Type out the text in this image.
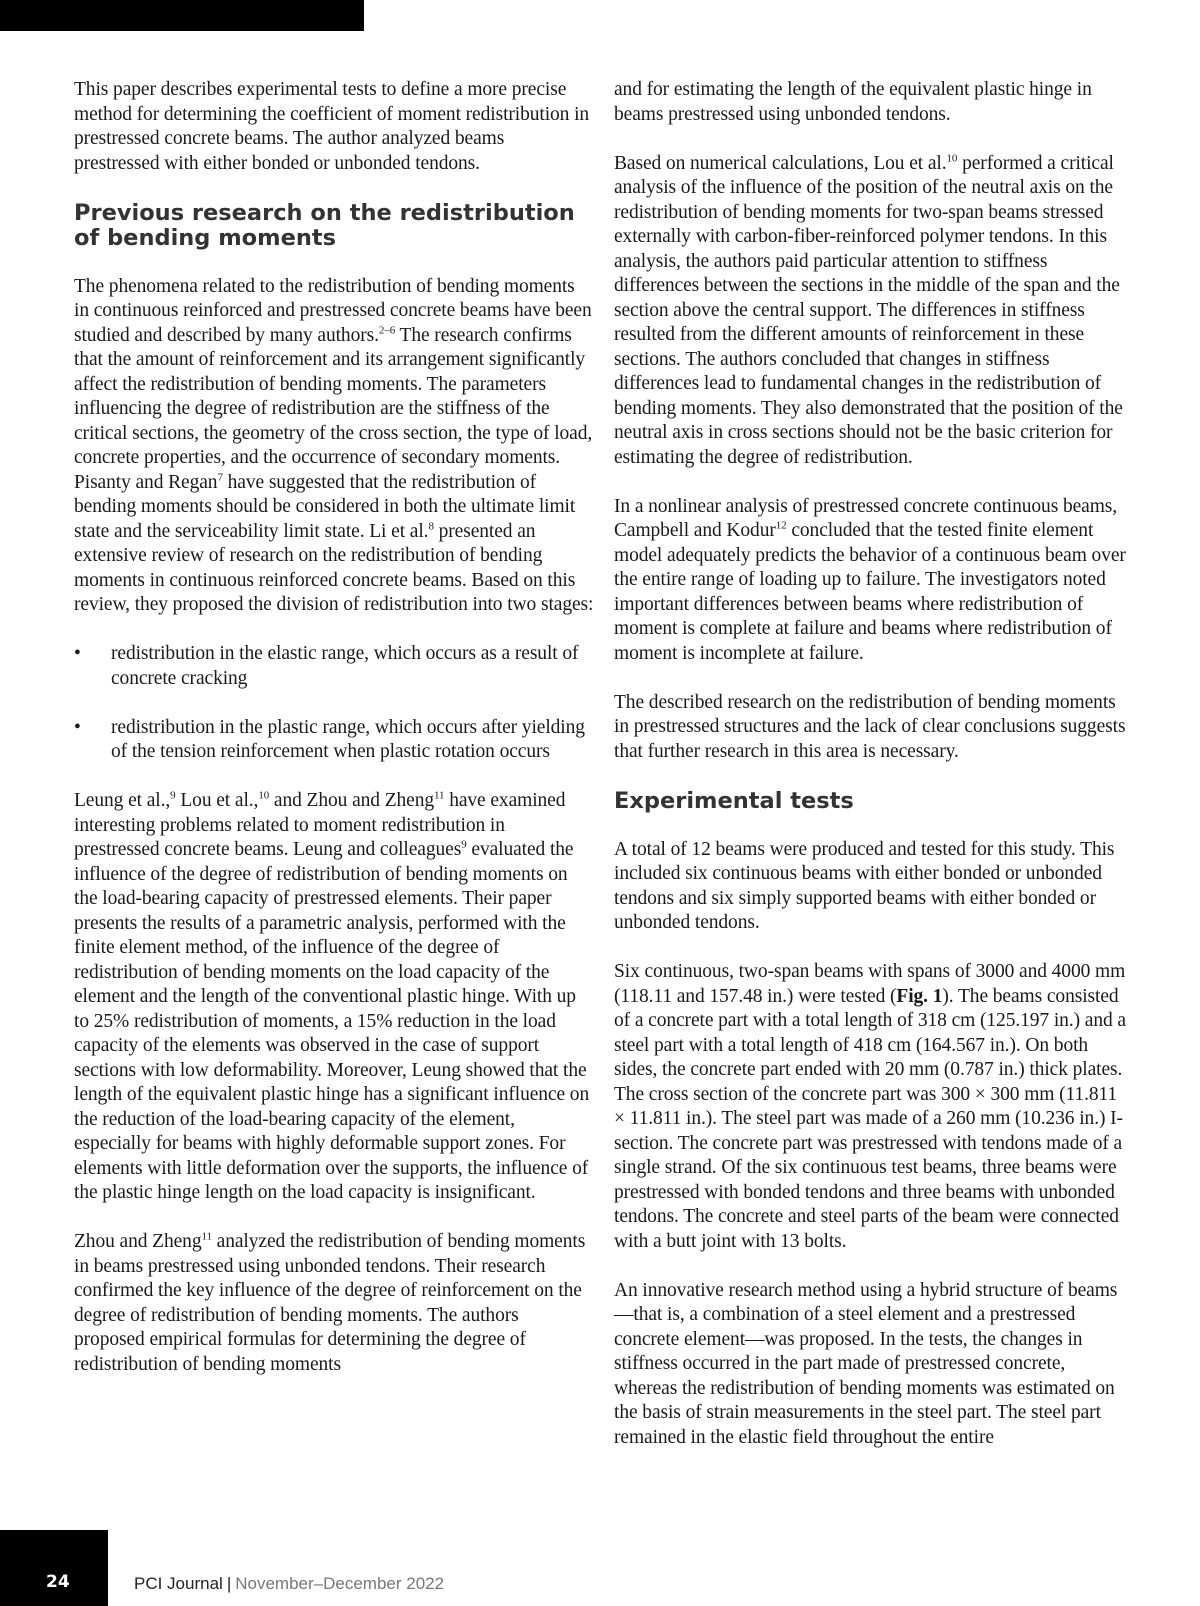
This paper describes experimental tests to define a more precise method for determining the coefficient of moment redistribution in prestressed concrete beams. The author analyzed beams prestressed with either bonded or unbonded tendons.

Previous research on the redistribution of bending moments

The phenomena related to the redistribution of bending moments in continuous reinforced and prestressed concrete beams have been studied and described by many authors.$^{2-6}$ The research confirms that the amount of reinforcement and its arrangement significantly affect the redistribution of bending moments. The parameters influencing the degree of redistribution are the stiffness of the critical sections, the geometry of the cross section, the type of load, concrete properties, and the occurrence of secondary moments. Pisanty and Regan$^7$ have suggested that the redistribution of bending moments should be considered in both the ultimate limit state and the serviceability limit state. Li et al.$^8$ presented an extensive review of research on the redistribution of bending moments in continuous reinforced concrete beams. Based on this review, they proposed the division of redistribution into two stages:

• redistribution in the elastic range, which occurs as a result of concrete cracking
• redistribution in the plastic range, which occurs after yielding of the tension reinforcement when plastic rotation occurs

Leung et al.,$^9$ Lou et al.,$^{10}$ and Zhou and Zheng$^{11}$ have examined interesting problems related to moment redistribution in prestressed concrete beams. Leung and colleagues$^9$ evaluated the influence of the degree of redistribution of bending moments on the load-bearing capacity of prestressed elements. Their paper presents the results of a parametric analysis, performed with the finite element method, of the influence of the degree of redistribution of bending moments on the load capacity of the element and the length of the conventional plastic hinge. With up to 25% redistribution of moments, a 15% reduction in the load capacity of the elements was observed in the case of support sections with low deformability. Moreover, Leung showed that the length of the equivalent plastic hinge has a significant influence on the reduction of the load-bearing capacity of the element, especially for beams with highly deformable support zones. For elements with little deformation over the supports, the influence of the plastic hinge length on the load capacity is insignificant.

Zhou and Zheng$^{11}$ analyzed the redistribution of bending moments in beams prestressed using unbonded tendons. Their research confirmed the key influence of the degree of reinforcement on the degree of redistribution of bending moments. The authors proposed empirical formulas for determining the degree of redistribution of bending moments

and for estimating the length of the equivalent plastic hinge in beams prestressed using unbonded tendons.

Based on numerical calculations, Lou et al.$^{10}$ performed a critical analysis of the influence of the position of the neutral axis on the redistribution of bending moments for two-span beams stressed externally with carbon-fiber-reinforced polymer tendons. In this analysis, the authors paid particular attention to stiffness differences between the sections in the middle of the span and the section above the central support. The differences in stiffness resulted from the different amounts of reinforcement in these sections. The authors concluded that changes in stiffness differences lead to fundamental changes in the redistribution of bending moments. They also demonstrated that the position of the neutral axis in cross sections should not be the basic criterion for estimating the degree of redistribution.

In a nonlinear analysis of prestressed concrete continuous beams, Campbell and Kodur$^{12}$ concluded that the tested finite element model adequately predicts the behavior of a continuous beam over the entire range of loading up to failure. The investigators noted important differences between beams where redistribution of moment is complete at failure and beams where redistribution of moment is incomplete at failure.

The described research on the redistribution of bending moments in prestressed structures and the lack of clear conclusions suggests that further research in this area is necessary.

Experimental tests

A total of 12 beams were produced and tested for this study. This included six continuous beams with either bonded or unbonded tendons and six simply supported beams with either bonded or unbonded tendons.

Six continuous, two-span beams with spans of 3000 and 4000 mm (118.11 and 157.48 in.) were tested (Fig. 1). The beams consisted of a concrete part with a total length of 318 cm (125.197 in.) and a steel part with a total length of 418 cm (164.567 in.). On both sides, the concrete part ended with 20 mm (0.787 in.) thick plates. The cross section of the concrete part was 300 × 300 mm (11.811 × 11.811 in.). The steel part was made of a 260 mm (10.236 in.) I-section. The concrete part was prestressed with tendons made of a single strand. Of the six continuous test beams, three beams were prestressed with bonded tendons and three beams with unbonded tendons. The concrete and steel parts of the beam were connected with a butt joint with 13 bolts.

An innovative research method using a hybrid structure of beams—that is, a combination of a steel element and a prestressed concrete element—was proposed. In the tests, the changes in stiffness occurred in the part made of prestressed concrete, whereas the redistribution of bending moments was estimated on the basis of strain measurements in the steel part. The steel part remained in the elastic field throughout the entire

24	PCI Journal | November–December 2022
